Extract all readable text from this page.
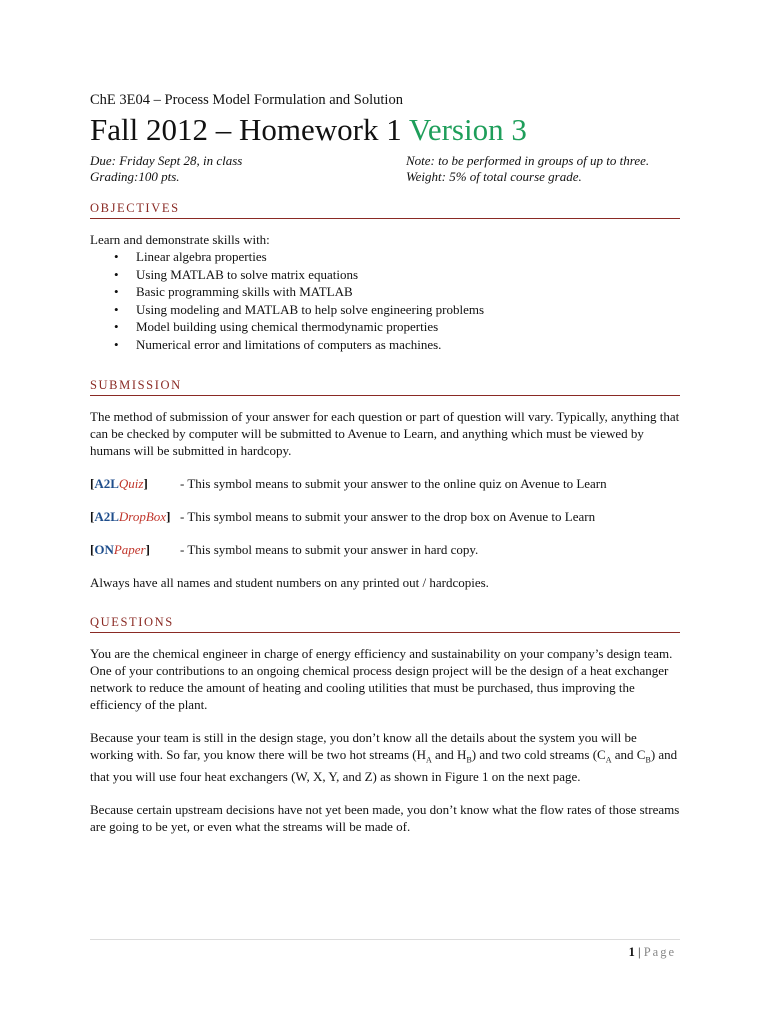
ChE 3E04 – Process Model Formulation and Solution
Fall 2012 – Homework 1 Version 3
Due: Friday Sept 28, in class
Grading:100 pts.
Note: to be performed in groups of up to three.
Weight: 5% of total course grade.
OBJECTIVES

Learn and demonstrate skills with:

• Linear algebra properties
• Using MATLAB to solve matrix equations
• Basic programming skills with MATLAB
• Using modeling and MATLAB to help solve engineering problems
• Model building using chemical thermodynamic properties
• Numerical error and limitations of computers as machines.
SUBMISSION

The method of submission of your answer for each question or part of question will vary. Typically, anything that can be checked by computer will be submitted to Avenue to Learn, and anything which must be viewed by humans will be submitted in hardcopy.

[A2LQuiz]	- This symbol means to submit your answer to the online quiz on Avenue to Learn
[A2LDropBox] - This symbol means to submit your answer to the drop box on Avenue to Learn
[ONPaper]	- This symbol means to submit your answer in hard copy.

Always have all names and student numbers on any printed out / hardcopies.

QUESTIONS

You are the chemical engineer in charge of energy efficiency and sustainability on your company’s design team. One of your contributions to an ongoing chemical process design project will be the design of a heat exchanger network to reduce the amount of heating and cooling utilities that must be purchased, thus improving the efficiency of the plant.

Because your team is still in the design stage, you don’t know all the details about the system you will be working with. So far, you know there will be two hot streams ($H_A$ and $H_B$) and two cold streams ($C_A$ and $C_B$) and that you will use four heat exchangers (W, X, Y, and Z) as shown in Figure 1 on the next page.

Because certain upstream decisions have not yet been made, you don’t know what the flow rates of those streams are going to be yet, or even what the streams will be made of.

1 | Page
